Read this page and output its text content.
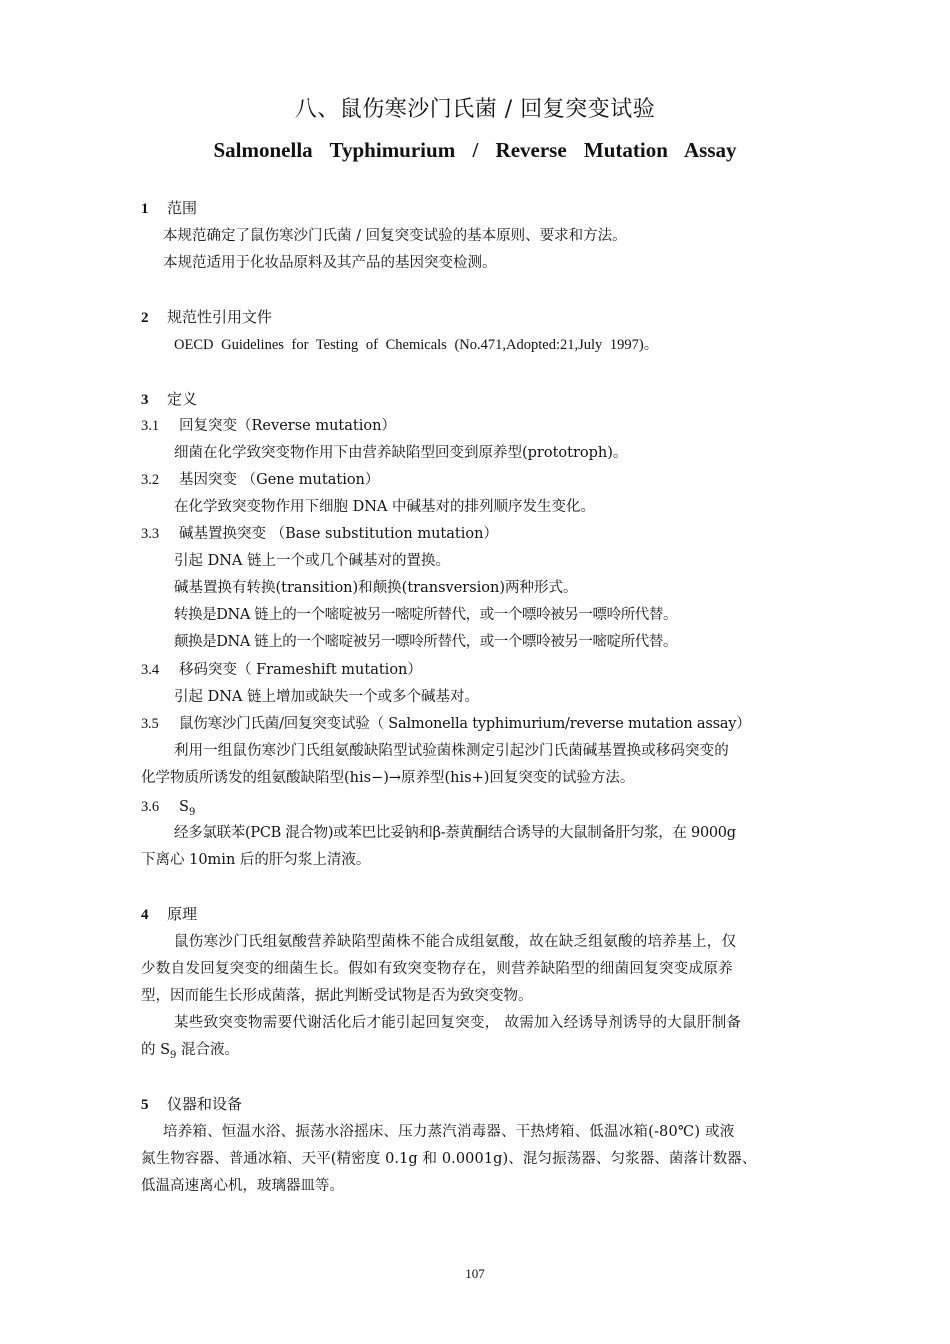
八、鼠伤寒沙门氏菌 / 回复突变试验
Salmonella Typhimurium / Reverse Mutation Assay
1 范围
本规范确定了鼠伤寒沙门氏菌 / 回复突变试验的基本原则、要求和方法。
本规范适用于化妆品原料及其产品的基因突变检测。
2 规范性引用文件
OECD Guidelines for Testing of Chemicals (No.471,Adopted:21,July 1997)。
3 定义
3.1 回复突变（Reverse mutation）
细菌在化学致突变物作用下由营养缺陷型回变到原养型(prototroph)。
3.2 基因突变 （Gene mutation）
在化学致突变物作用下细胞 DNA 中碱基对的排列顺序发生变化。
3.3 碱基置换突变 （Base substitution mutation）
引起 DNA 链上一个或几个碱基对的置换。
碱基置换有转换(transition)和颠换(transversion)两种形式。
转换是DNA 链上的一个嘧啶被另一嘧啶所替代，或一个嘌呤被另一嘌呤所代替。
颠换是DNA 链上的一个嘧啶被另一嘌呤所替代，或一个嘌呤被另一嘧啶所代替。
3.4 移码突变（ Frameshift mutation）
引起 DNA 链上增加或缺失一个或多个碱基对。
3.5 鼠伤寒沙门氏菌/回复突变试验（ Salmonella typhimurium/reverse mutation assay）
利用一组鼠伤寒沙门氏组氨酸缺陷型试验菌株测定引起沙门氏菌碱基置换或移码突变的
化学物质所诱发的组氨酸缺陷型(his−)→原养型(his+)回复突变的试验方法。
3.6 $S_9$
经多氯联苯(PCB 混合物)或苯巴比妥钠和β-萘黄酮结合诱导的大鼠制备肝匀浆，在 9000g
下离心 10min 后的肝匀浆上清液。
4 原理
鼠伤寒沙门氏组氨酸营养缺陷型菌株不能合成组氨酸，故在缺乏组氨酸的培养基上，仅
少数自发回复突变的细菌生长。假如有致突变物存在，则营养缺陷型的细菌回复突变成原养
型，因而能生长形成菌落，据此判断受试物是否为致突变物。
某些致突变物需要代谢活化后才能引起回复突变， 故需加入经诱导剂诱导的大鼠肝制备
的 $S_9$ 混合液。
5 仪器和设备
培养箱、恒温水浴、振荡水浴摇床、压力蒸汽消毒器、干热烤箱、低温冰箱(-80℃) 或液
氮生物容器、普通冰箱、天平(精密度 0.1g 和 0.0001g)、混匀振荡器、匀浆器、菌落计数器、
低温高速离心机，玻璃器皿等。
107
